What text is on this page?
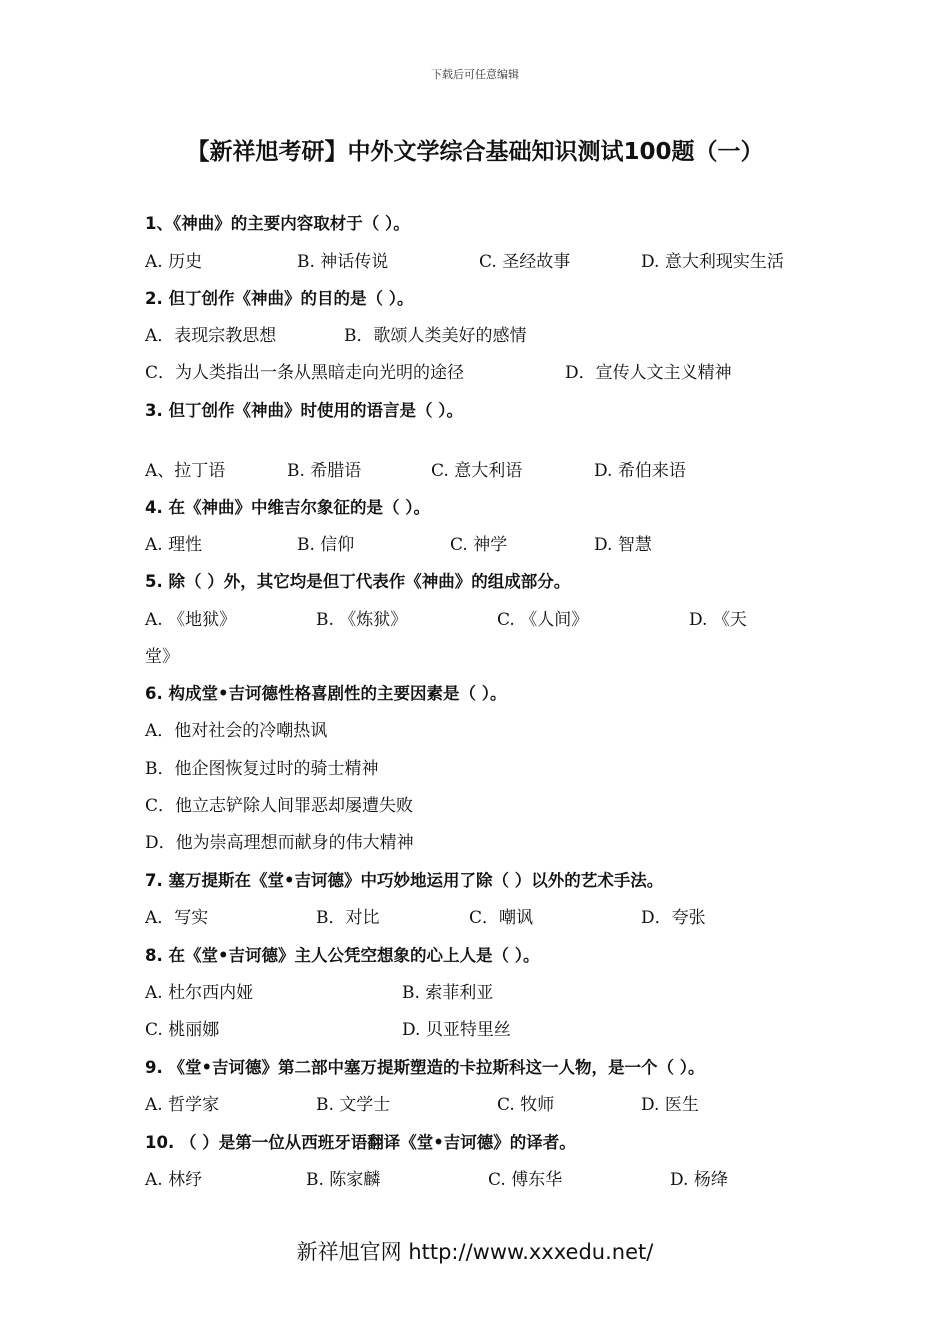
下载后可任意编辑
【新祥旭考研】中外文学综合基础知识测试100题（一）
1、《神曲》的主要内容取材于（ ）。
A. 历史	B. 神话传说	C. 圣经故事	D. 意大利现实生活
2. 但丁创作《神曲》的目的是（ ）。
A．表现宗教思想	B．歌颂人类美好的感情
C．为人类指出一条从黑暗走向光明的途径	D．宣传人文主义精神
3. 但丁创作《神曲》时使用的语言是（ ）。
A、拉丁语	B. 希腊语	C. 意大利语	D. 希伯来语
4. 在《神曲》中维吉尔象征的是（ ）。
A. 理性	B. 信仰	C. 神学	D. 智慧
5. 除（ ）外，其它均是但丁代表作《神曲》的组成部分。
A. 《地狱》	B. 《炼狱》	C. 《人间》	D. 《天
堂》
6. 构成堂•吉诃德性格喜剧性的主要因素是（ ）。
A．他对社会的冷嘲热讽
B．他企图恢复过时的骑士精神
C．他立志铲除人间罪恶却屡遭失败
D．他为崇高理想而献身的伟大精神
7. 塞万提斯在《堂•吉诃德》中巧妙地运用了除（ ）以外的艺术手法。
A．写实	B．对比	C．嘲讽	D．夸张
8. 在《堂•吉诃德》主人公凭空想象的心上人是（ ）。
A. 杜尔西内娅	B. 索菲利亚
C. 桃丽娜	D. 贝亚特里丝
9. 《堂•吉诃德》第二部中塞万提斯塑造的卡拉斯科这一人物，是一个（ ）。
A. 哲学家	B. 文学士	C. 牧师	D. 医生
10. （ ）是第一位从西班牙语翻译《堂•吉诃德》的译者。
A. 林纾	B. 陈家麟	C. 傅东华	D. 杨绛
新祥旭官网 http://www.xxxedu.net/
